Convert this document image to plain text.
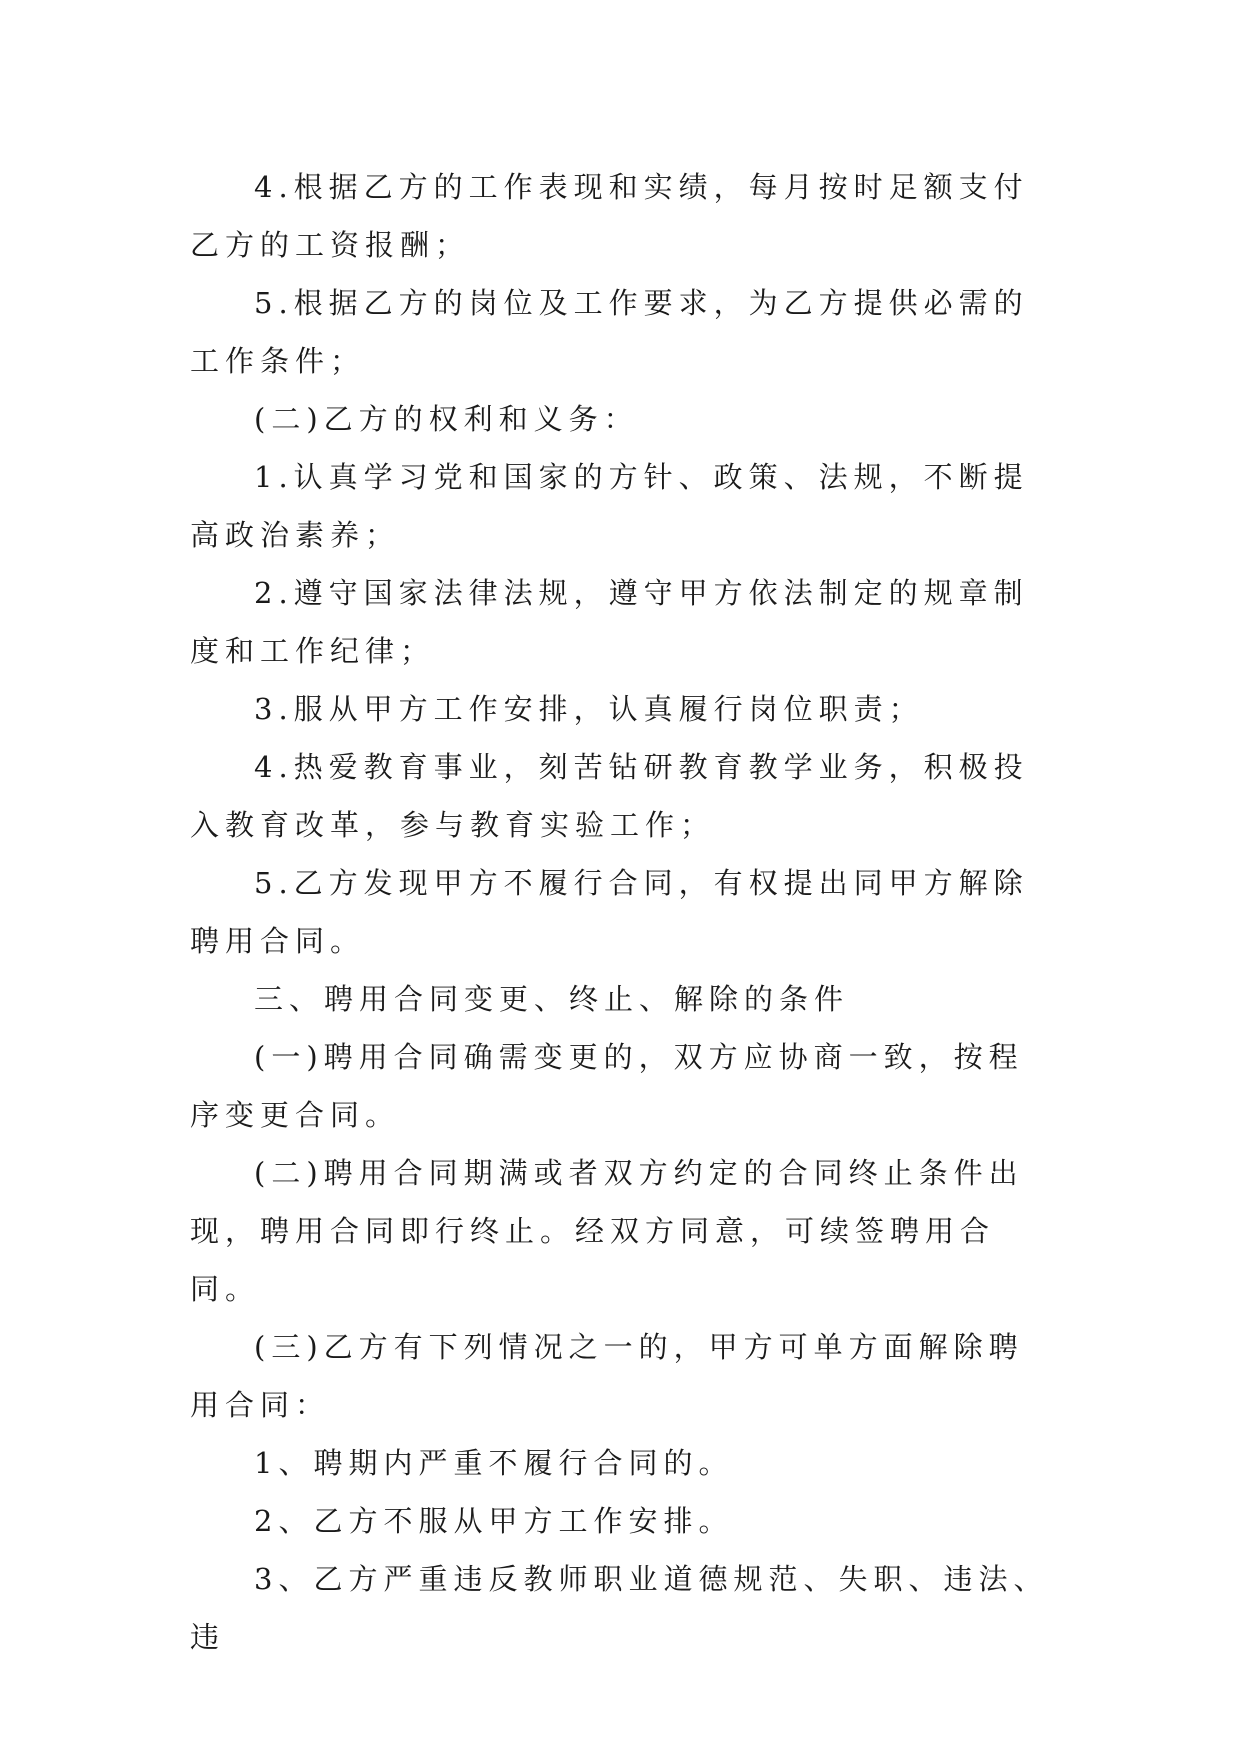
4.根据乙方的工作表现和实绩，每月按时足额支付乙方的工资报酬；

5.根据乙方的岗位及工作要求，为乙方提供必需的工作条件；

(二)乙方的权利和义务：

1.认真学习党和国家的方针、政策、法规，不断提高政治素养；

2.遵守国家法律法规，遵守甲方依法制定的规章制度和工作纪律；

3.服从甲方工作安排，认真履行岗位职责；

4.热爱教育事业，刻苦钻研教育教学业务，积极投入教育改革，参与教育实验工作；

5.乙方发现甲方不履行合同，有权提出同甲方解除聘用合同。

三、聘用合同变更、终止、解除的条件

(一)聘用合同确需变更的，双方应协商一致，按程序变更合同。

(二)聘用合同期满或者双方约定的合同终止条件出现，聘用合同即行终止。经双方同意，可续签聘用合同。

(三)乙方有下列情况之一的，甲方可单方面解除聘用合同：

1、聘期内严重不履行合同的。

2、乙方不服从甲方工作安排。

3、乙方严重违反教师职业道德规范、失职、违法、违
